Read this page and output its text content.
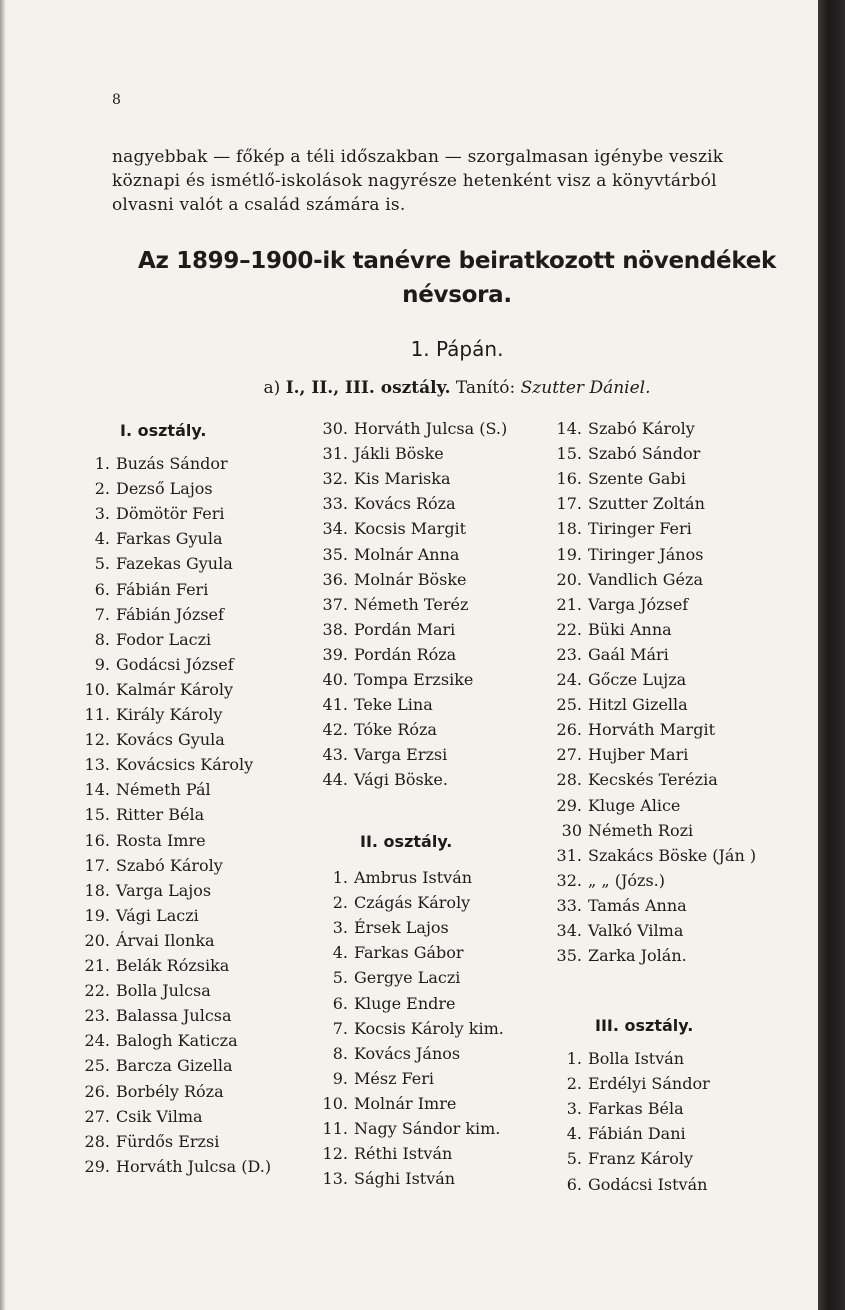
8
nagyebbak — főkép a téli időszakban — szorgalmasan igénybe veszik
köznapi és ismétlő-iskolások nagyrésze hetenként visz a könyvtárból
olvasni valót a család számára is.
Az 1899–1900-ik tanévre beiratkozott növendékek
névsora.
1. Pápán.
a) I., II., III. osztály. Tanító: Szutter Dániel.
I. osztály.
1. Buzás Sándor
2. Dezső Lajos
3. Dömötör Feri
4. Farkas Gyula
5. Fazekas Gyula
6. Fábián Feri
7. Fábián József
8. Fodor Laczi
9. Godácsi József
10. Kalmár Károly
11. Király Károly
12. Kovács Gyula
13. Kovácsics Károly
14. Németh Pál
15. Ritter Béla
16. Rosta Imre
17. Szabó Károly
18. Varga Lajos
19. Vági Laczi
20. Árvai Ilonka
21. Belák Rózsika
22. Bolla Julcsa
23. Balassa Julcsa
24. Balogh Katicza
25. Barcza Gizella
26. Borbély Róza
27. Csik Vilma
28. Fürdős Erzsi
29. Horváth Julcsa (D.)
30. Horváth Julcsa (S.)
31. Jákli Böske
32. Kis Mariska
33. Kovács Róza
34. Kocsis Margit
35. Molnár Anna
36. Molnár Böske
37. Németh Teréz
38. Pordán Mari
39. Pordán Róza
40. Tompa Erzsike
41. Teke Lina
42. Tóke Róza
43. Varga Erzsi
44. Vági Böske.
II. osztály.
1. Ambrus István
2. Czágás Károly
3. Érsek Lajos
4. Farkas Gábor
5. Gergye Laczi
6. Kluge Endre
7. Kocsis Károly kim.
8. Kovács János
9. Mész Feri
10. Molnár Imre
11. Nagy Sándor kim.
12. Réthi István
13. Sághi István
14. Szabó Károly
15. Szabó Sándor
16. Szente Gabi
17. Szutter Zoltán
18. Tiringer Feri
19. Tiringer János
20. Vandlich Géza
21. Varga József
22. Büki Anna
23. Gaál Mári
24. Gőcze Lujza
25. Hitzl Gizella
26. Horváth Margit
27. Hujber Mari
28. Kecskés Terézia
29. Kluge Alice
30 Németh Rozi
31. Szakács Böske (Ján )
32. „ „ (Józs.)
33. Tamás Anna
34. Valkó Vilma
35. Zarka Jolán.
III. osztály.
1. Bolla István
2. Erdélyi Sándor
3. Farkas Béla
4. Fábián Dani
5. Franz Károly
6. Godácsi István
